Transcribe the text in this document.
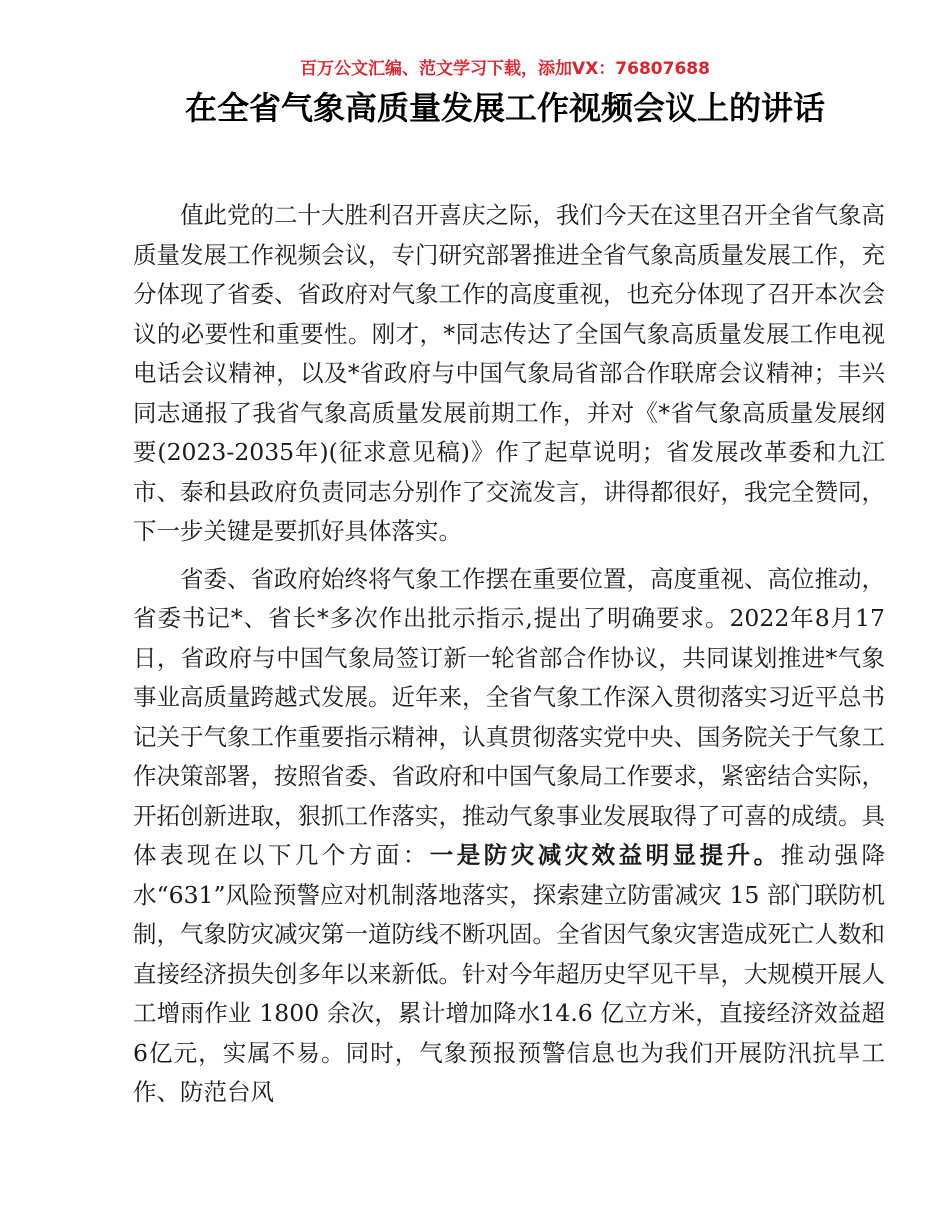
百万公文汇编、范文学习下载，添加VX：76807688
在全省气象高质量发展工作视频会议上的讲话

值此党的二十大胜利召开喜庆之际，我们今天在这里召开全省气象高质量发展工作视频会议，专门研究部署推进全省气象高质量发展工作，充分体现了省委、省政府对气象工作的高度重视，也充分体现了召开本次会议的必要性和重要性。刚才，*同志传达了全国气象高质量发展工作电视电话会议精神，以及*省政府与中国气象局省部合作联席会议精神；丰兴同志通报了我省气象高质量发展前期工作，并对《*省气象高质量发展纲要(2023-2035年)(征求意见稿)》作了起草说明；省发展改革委和九江市、泰和县政府负责同志分别作了交流发言，讲得都很好，我完全赞同，下一步关键是要抓好具体落实。

省委、省政府始终将气象工作摆在重要位置，高度重视、高位推动，省委书记*、省长*多次作出批示指示,提出了明确要求。2022年8月17 日，省政府与中国气象局签订新一轮省部合作协议，共同谋划推进*气象事业高质量跨越式发展。近年来，全省气象工作深入贯彻落实习近平总书记关于气象工作重要指示精神，认真贯彻落实党中央、国务院关于气象工作决策部署，按照省委、省政府和中国气象局工作要求，紧密结合实际，开拓创新进取，狠抓工作落实，推动气象事业发展取得了可喜的成绩。具体表现在以下几个方面：一是防灾减灾效益明显提升。推动强降水“631”风险预警应对机制落地落实，探索建立防雷减灾 15 部门联防机制，气象防灾减灾第一道防线不断巩固。全省因气象灾害造成死亡人数和直接经济损失创多年以来新低。针对今年超历史罕见干旱，大规模开展人工增雨作业 1800 余次，累计增加降水14.6 亿立方米，直接经济效益超6亿元，实属不易。同时，气象预报预警信息也为我们开展防汛抗旱工作、防范台风
